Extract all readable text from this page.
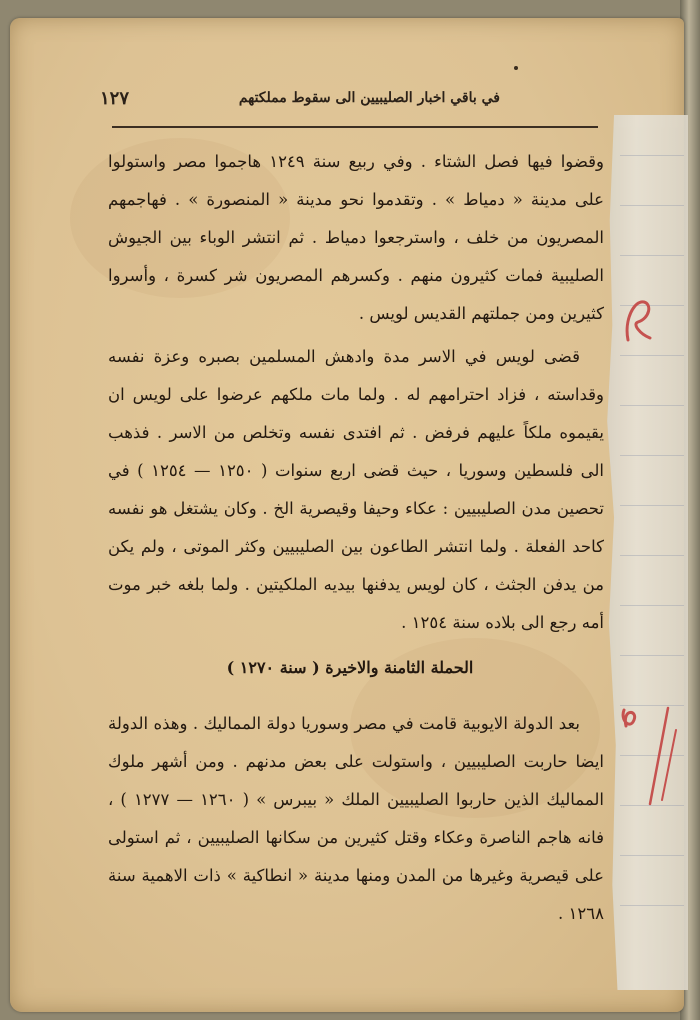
في باقي اخبار الصليبيين الى سقوط مملكتهم
١٢٧
وقضوا فيها فصل الشتاء . وفي ربيع سنة ١٢٤٩ هاجموا مصر واستولوا على مدينة « دمياط » . وتقدموا نحو مدينة « المنصورة » . فهاجمهم المصريون من خلف ، واسترجعوا دمياط . ثم انتشر الوباء بين الجيوش الصليبية فمات كثيرون منهم . وكسرهم المصريون شر كسرة ، وأسروا كثيرين ومن جملتهم القديس لويس .
قضى لويس في الاسر مدة وادهش المسلمين بصبره وعزة نفسه وقداسته ، فزاد احترامهم له . ولما مات ملكهم عرضوا على لويس ان يقيموه ملكاً عليهم فرفض . ثم افتدى نفسه وتخلص من الاسر . فذهب الى فلسطين وسوريا ، حيث قضى اربع سنوات ( ١٢٥٠ — ١٢٥٤ ) في تحصين مدن الصليبيين : عكاء وحيفا وقيصرية الخ . وكان يشتغل هو نفسه كاحد الفعلة . ولما انتشر الطاعون بين الصليبيين وكثر الموتى ، ولم يكن من يدفن الجثث ، كان لويس يدفنها بيديه الملكيتين . ولما بلغه خبر موت أمه رجع الى بلاده سنة ١٢٥٤ .
الحملة الثامنة والاخيرة ( سنة ١٢٧٠ )
بعد الدولة الايوبية قامت في مصر وسوريا دولة المماليك . وهذه الدولة ايضا حاربت الصليبيين ، واستولت على بعض مدنهم . ومن أشهر ملوك المماليك الذين حاربوا الصليبيين الملك « بيبرس » ( ١٢٦٠ — ١٢٧٧ ) ، فانه هاجم الناصرة وعكاء وقتل كثيرين من سكانها الصليبيين ، ثم استولى على قيصرية وغيرها من المدن ومنها مدينة « انطاكية » ذات الاهمية سنة ١٢٦٨ .
